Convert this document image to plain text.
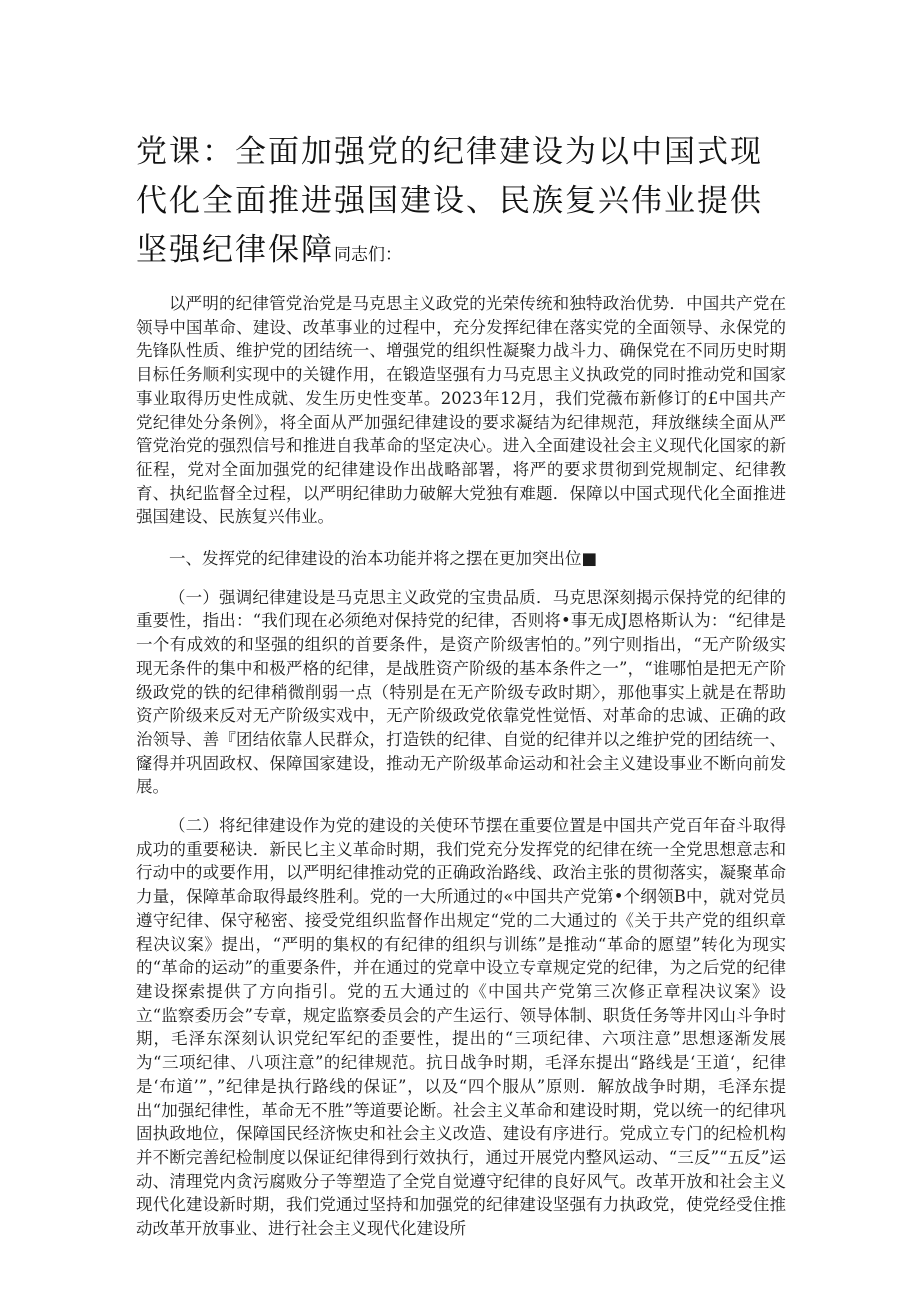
党课：全面加强党的纪律建设为以中国式现代化全面推进强国建设、民族复兴伟业提供坚强纪律保障同志们：

以严明的纪律管党治党是马克思主义政党的光荣传统和独特政治优势．中国共产党在领导中国革命、建设、改革事业的过程中，充分发挥纪律在落实党的全面领导、永保党的先锋队性质、维护党的团结统一、增强党的组织性凝聚力战斗力、确保党在不同历史时期目标任务顺利实现中的关键作用，在锻造坚强有力马克思主义执政党的同时推动党和国家事业取得历史性成就、发生历史性变革。2023年12月，我们党薇布新修订的£中国共产党纪律处分条例》，将全面从严加强纪律建设的要求凝结为纪律规范，拜放继续全面从严管党治党的强烈信号和推进自我革命的坚定决心。进入全面建设社会主义现代化国家的新征程，党对全面加强党的纪律建设作出战略部署，将严的要求贯彻到党规制定、纪律教育、执纪监督全过程，以严明纪律助力破解大党独有难题．保障以中国式现代化全面推进强国建设、民族复兴伟业。

一、发挥党的纪律建设的治本功能并将之摆在更加突出位■

（一）强调纪律建设是马克思主义政党的宝贵品质．马克思深刻揭示保持党的纪律的重要性，指出：“我们现在必须绝对保持党的纪律，否则将•事无成J恩格斯认为：“纪律是一个有成效的和坚强的组织的首要条件，是资产阶级害怕的。”列宁则指出，“无产阶级实现无条件的集中和极严格的纪律，是战胜资产阶级的基本条件之一”，“谁哪怕是把无产阶级政党的铁的纪律稍微削弱一点（特别是在无产阶级专政时期〉，那他事实上就是在帮助资产阶级来反对无产阶级实戏中，无产阶级政党依靠党性觉悟、对革命的忠诚、正确的政治领导、善『团结依靠人民群众，打造铁的纪律、自觉的纪律并以之维护党的团结统一、窿得并巩固政权、保障国家建设，推动无产阶级革命运动和社会主义建设事业不断向前发展。

（二）将纪律建设作为党的建设的关使环节摆在重要位置是中国共产党百年奋斗取得成功的重要秘诀．新民匕主义革命时期，我们党充分发挥党的纪律在统一全党思想意志和行动中的或要作用，以严明纪律推动党的正确政治路线、政治主张的贯彻落实，凝聚革命力量，保障革命取得最终胜利。党的一大所通过的«中国共产党第•个纲领B中，就对党员遵守纪律、保守秘密、接受党组织监督作出规定“党的二大通过的《关于共产党的组织章程决议案》提出，“严明的集权的有纪律的组织与训练”是推动“革命的愿望”转化为现实的“革命的运动”的重要条件，并在通过的党章中设立专章规定党的纪律，为之后党的纪律建设探索提供了方向指引。党的五大通过的《中国共产党第三次修正章程决议案》设立“监察委历会”专章，规定监察委员会的产生运行、领导体制、职货任务等井冈山斗争时期，毛泽东深刻认识党纪军纪的歪要性，提出的“三项纪律、六项注意”思想逐渐发展为“三项纪律、八项注意”的纪律规范。抗日战争时期，毛泽东提出“路线是‘王道‘，纪律是‘布道’”，”纪律是执行路线的保证”，以及“四个服从”原则．解放战争时期，毛泽东提出“加强纪律性，革命无不胜”等道要论断。社会主义革命和建设时期，党以统一的纪律巩固执政地位，保障国民经济恢史和社会主义改造、建设有序进行。党成立专门的纪检机构并不断完善纪检制度以保证纪律得到行效执行，通过开展党内整风运动、“三反”“五反”运动、清理党内贪污腐败分子等塑造了全党自觉遵守纪律的良好风气。改革开放和社会主义现代化建设新时期，我们党通过坚持和加强党的纪律建设坚强有力执政党，使党经受住推动改革开放事业、进行社会主义现代化建设所
